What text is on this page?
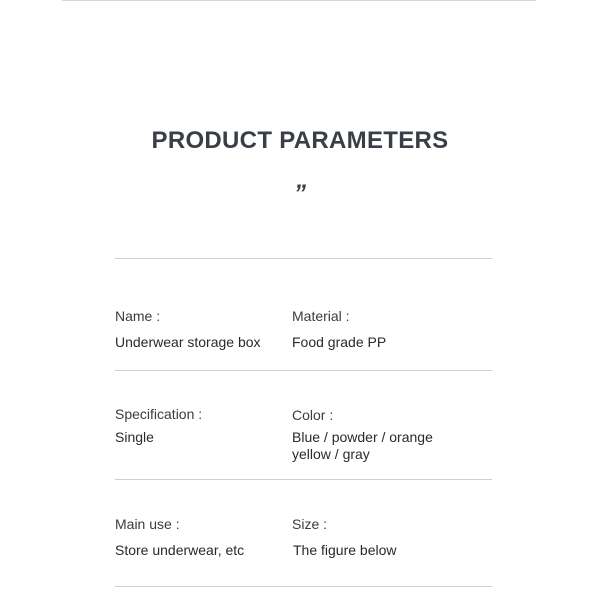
PRODUCT PARAMETERS
”
Name :
Underwear storage box
Material :
Food grade PP
Specification :
Single
Color :
Blue / powder / orange yellow / gray
Main use :
Store underwear, etc
Size :
The figure below
